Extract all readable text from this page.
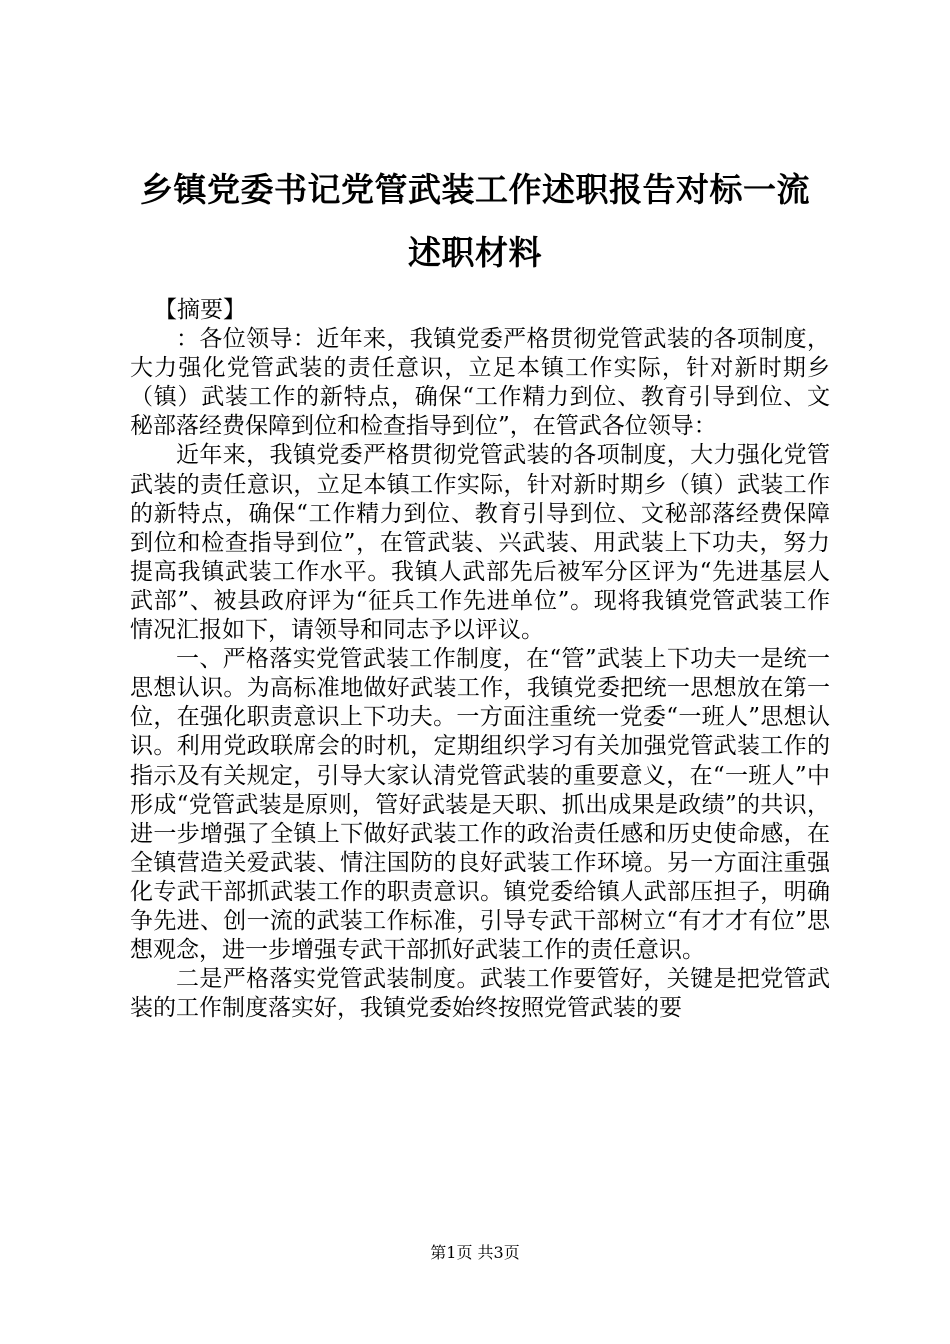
乡镇党委书记党管武装工作述职报告对标一流
述职材料

【摘要】

：各位领导：近年来，我镇党委严格贯彻党管武装的各项制度，大力强化党管武装的责任意识，立足本镇工作实际，针对新时期乡（镇）武装工作的新特点，确保“工作精力到位、教育引导到位、文秘部落经费保障到位和检查指导到位”，在管武各位领导：

近年来，我镇党委严格贯彻党管武装的各项制度，大力强化党管武装的责任意识，立足本镇工作实际，针对新时期乡（镇）武装工作的新特点，确保“工作精力到位、教育引导到位、文秘部落经费保障到位和检查指导到位”，在管武装、兴武装、用武装上下功夫，努力提高我镇武装工作水平。我镇人武部先后被军分区评为“先进基层人武部”、被县政府评为“征兵工作先进单位”。现将我镇党管武装工作情况汇报如下，请领导和同志予以评议。

一、严格落实党管武装工作制度，在“管”武装上下功夫一是统一思想认识。为高标准地做好武装工作，我镇党委把统一思想放在第一位，在强化职责意识上下功夫。一方面注重统一党委“一班人”思想认识。利用党政联席会的时机，定期组织学习有关加强党管武装工作的指示及有关规定，引导大家认清党管武装的重要意义，在“一班人”中形成“党管武装是原则，管好武装是天职、抓出成果是政绩”的共识，进一步增强了全镇上下做好武装工作的政治责任感和历史使命感，在全镇营造关爱武装、情注国防的良好武装工作环境。另一方面注重强化专武干部抓武装工作的职责意识。镇党委给镇人武部压担子，明确争先进、创一流的武装工作标准，引导专武干部树立“有才才有位”思想观念，进一步增强专武干部抓好武装工作的责任意识。

二是严格落实党管武装制度。武装工作要管好，关键是把党管武装的工作制度落实好，我镇党委始终按照党管武装的要

第1页 共3页
